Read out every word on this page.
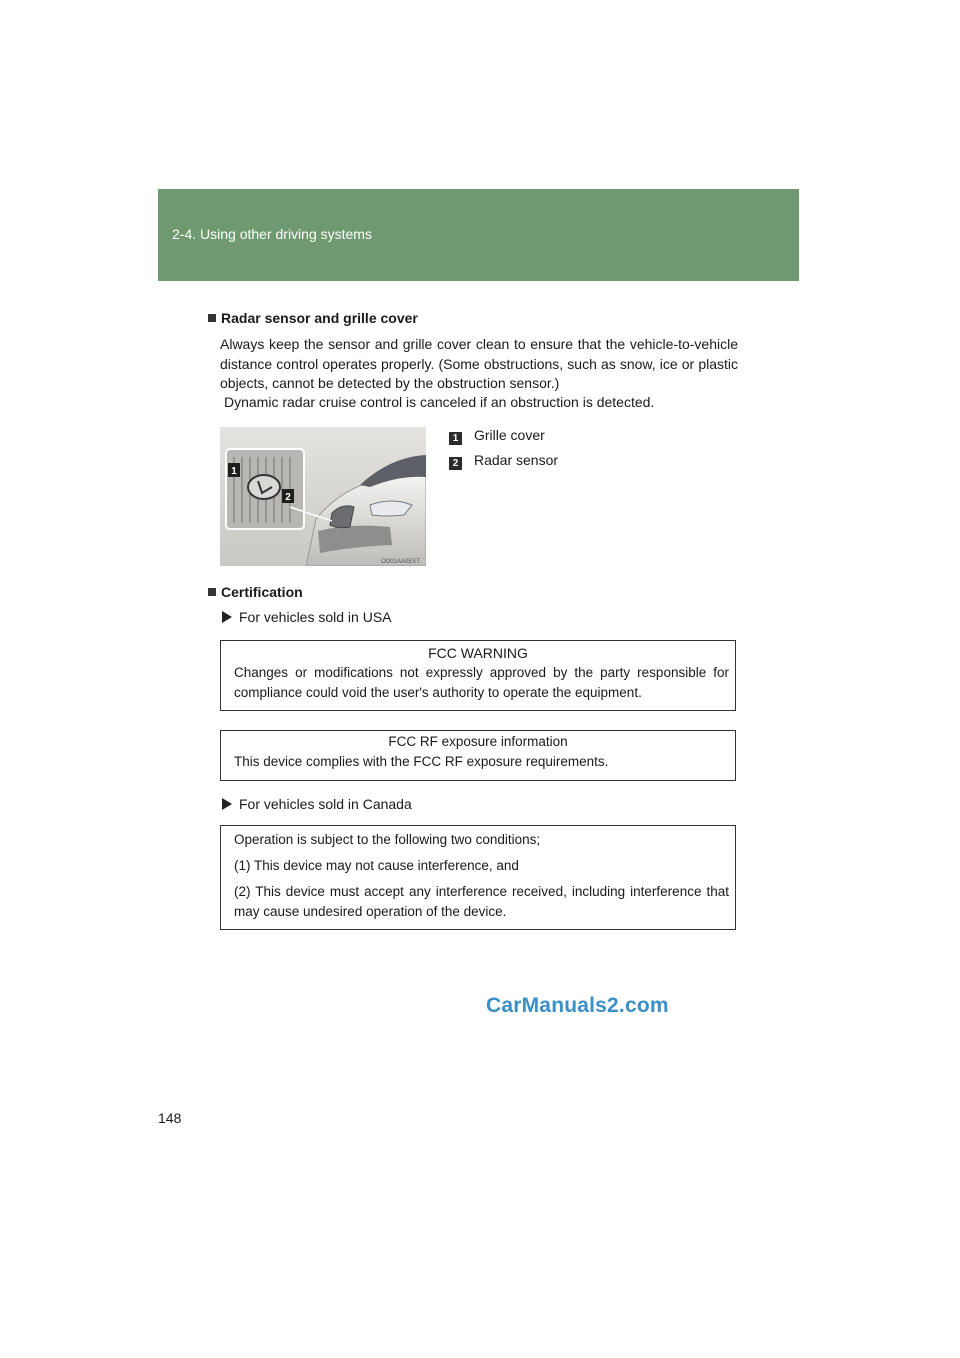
2-4. Using other driving systems
Radar sensor and grille cover
Always keep the sensor and grille cover clean to ensure that the vehicle-to-vehicle distance control operates properly. (Some obstructions, such as snow, ice or plastic objects, cannot be detected by the obstruction sensor.)
Dynamic radar cruise control is canceled if an obstruction is detected.
1
2
OO01AA0EXT
1 Grille cover
2 Radar sensor
Certification
For vehicles sold in USA
FCC WARNING
Changes or modifications not expressly approved by the party responsible for compliance could void the user's authority to operate the equipment.
FCC RF exposure information
This device complies with the FCC RF exposure requirements.
For vehicles sold in Canada

Operation is subject to the following two conditions;

(1) This device may not cause interference, and

(2) This device must accept any interference received, including interference that may cause undesired operation of the device.

CarManuals2.com
148
